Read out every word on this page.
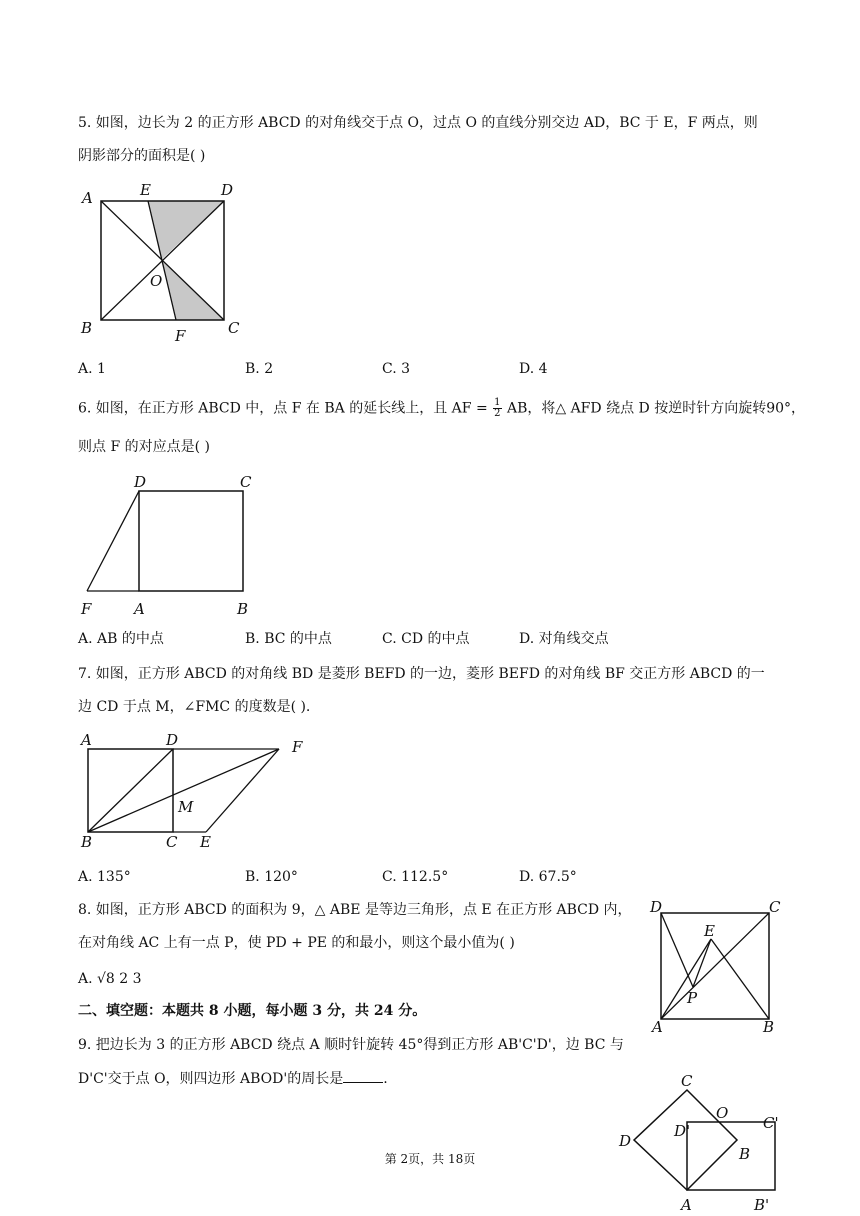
5. 如图，边长为 2 的正方形 ABCD 的对角线交于点 O，过点 O 的直线分别交边 AD，BC 于 E，F 两点，则
阴影部分的面积是( )
A	E	D
O
B	F	C
A. 1	B. 2	C. 3	D. 4
6. 如图，在正方形 ABCD 中，点 F 在 BA 的延长线上，且 AF = $\frac{1}{2}$ AB，将△ AFD 绕点 D 按逆时针方向旋转90°，
则点 F 的对应点是( )
D	C
F	A	B
A. AB 的中点	B. BC 的中点	C. CD 的中点	D. 对角线交点
7. 如图，正方形 ABCD 的对角线 BD 是菱形 BEFD 的一边，菱形 BEFD 的对角线 BF 交正方形 ABCD 的一
边 CD 于点 M，∠FMC 的度数是( ).
A	D	F
M
B	C E
A. 135°	B. 120°	C. 112.5°	D. 67.5°
8. 如图，正方形 ABCD 的面积为 9，△ ABE 是等边三角形，点 E 在正方形 ABCD 内，
在对角线 AC 上有一点 P，使 PD + PE 的和最小，则这个最小值为( )
A. √8 2 3
D	C
E
P
A	B
二、填空题：本题共 8 小题，每小题 3 分，共 24 分。
9. 把边长为 3 的正方形 ABCD 绕点 A 顺时针旋转 45°得到正方形 AB'C'D'，边 BC 与
D'C'交于点 O，则四边形 ABOD'的周长是	.	C
D'
O
C'
D
B
A	B'
第 2页，共 18页
